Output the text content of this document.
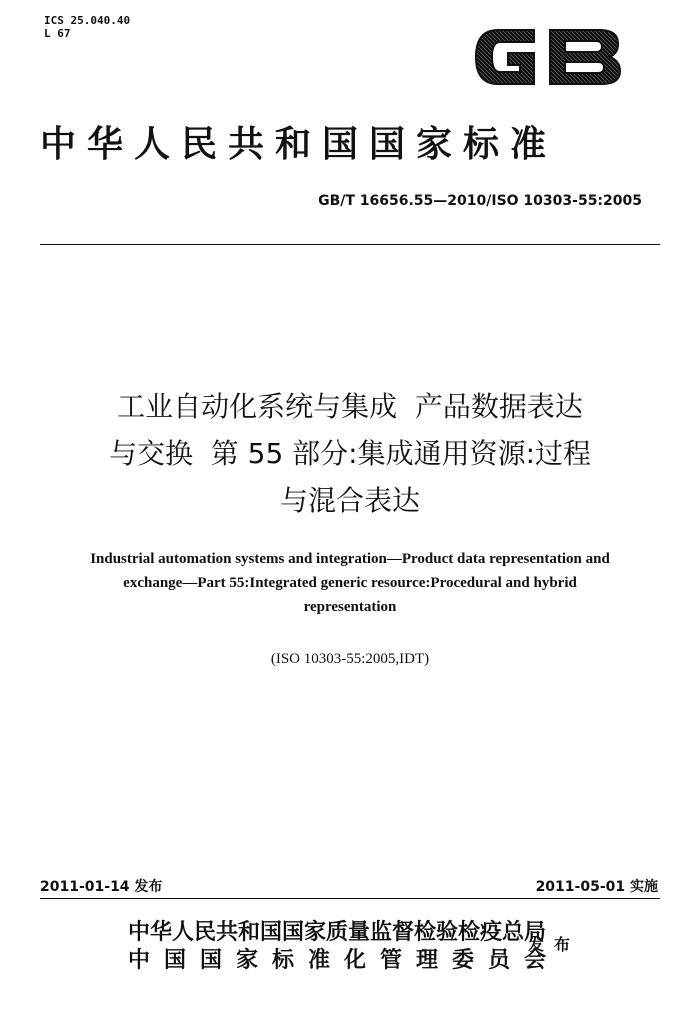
ICS 25.040.40
L 67
中华人民共和国国家标准
GB/T 16656.55—2010/ISO 10303-55:2005
工业自动化系统与集成  产品数据表达
与交换  第 55 部分:集成通用资源:过程
与混合表达
Industrial automation systems and integration—Product data representation and
exchange—Part 55:Integrated generic resource:Procedural and hybrid
representation
(ISO 10303-55:2005,IDT)
2011-01-14 发布	2011-05-01 实施
中华人民共和国国家质量监督检验检疫总局
中国国家标准化管理委员会
发布
